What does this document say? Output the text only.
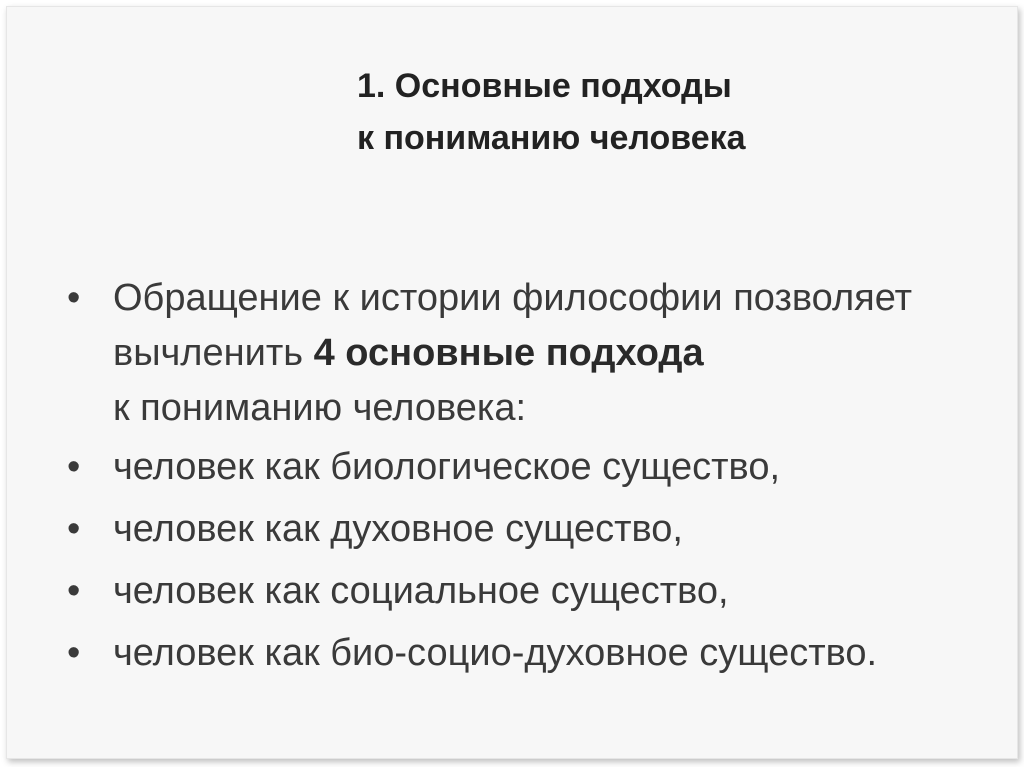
1. Основные подходы
к пониманию человека
• Обращение к истории философии позволяет вычленить 4 основные подхода
к пониманию человека:
• человек как биологическое существо,
• человек как духовное существо,
• человек как социальное существо,
• человек как био-социо-духовное существо.
